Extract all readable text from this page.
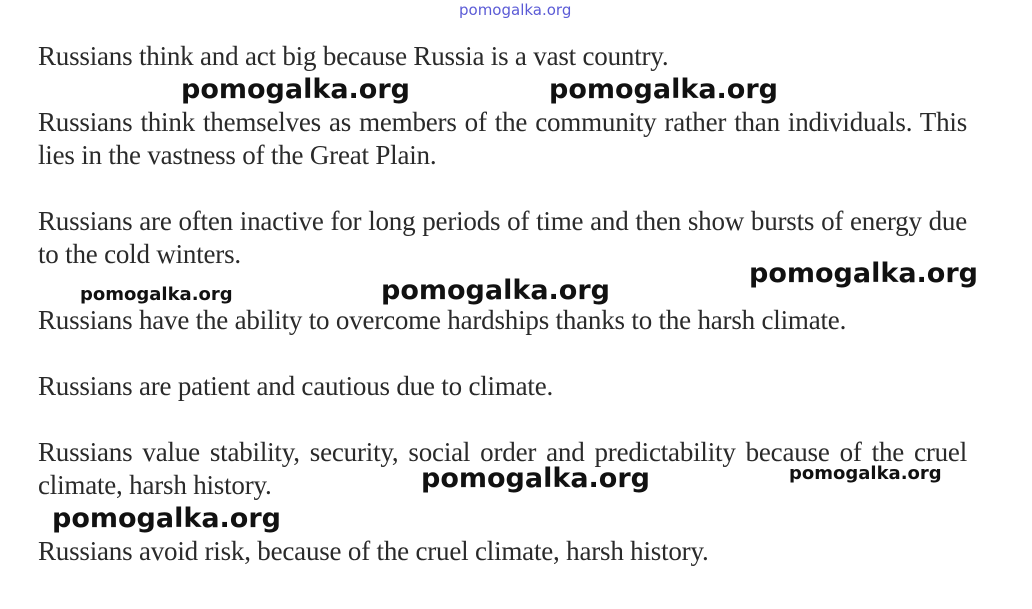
pomogalka.org

Russians think and act big because Russia is a vast country.

Russians think themselves as members of the community rather than individuals. This lies in the vastness of the Great Plain.

Russians are often inactive for long periods of time and then show bursts of energy due to the cold winters.

Russians have the ability to overcome hardships thanks to the harsh climate.

Russians are patient and cautious due to climate.

Russians value stability, security, social order and predictability because of the cruel climate, harsh history.

Russians avoid risk, because of the cruel climate, harsh history.

pomogalka.org	pomogalka.org

pomogalka.org

pomogalka.org	pomogalka.org

pomogalka.org	pomogalka.org

pomogalka.org
